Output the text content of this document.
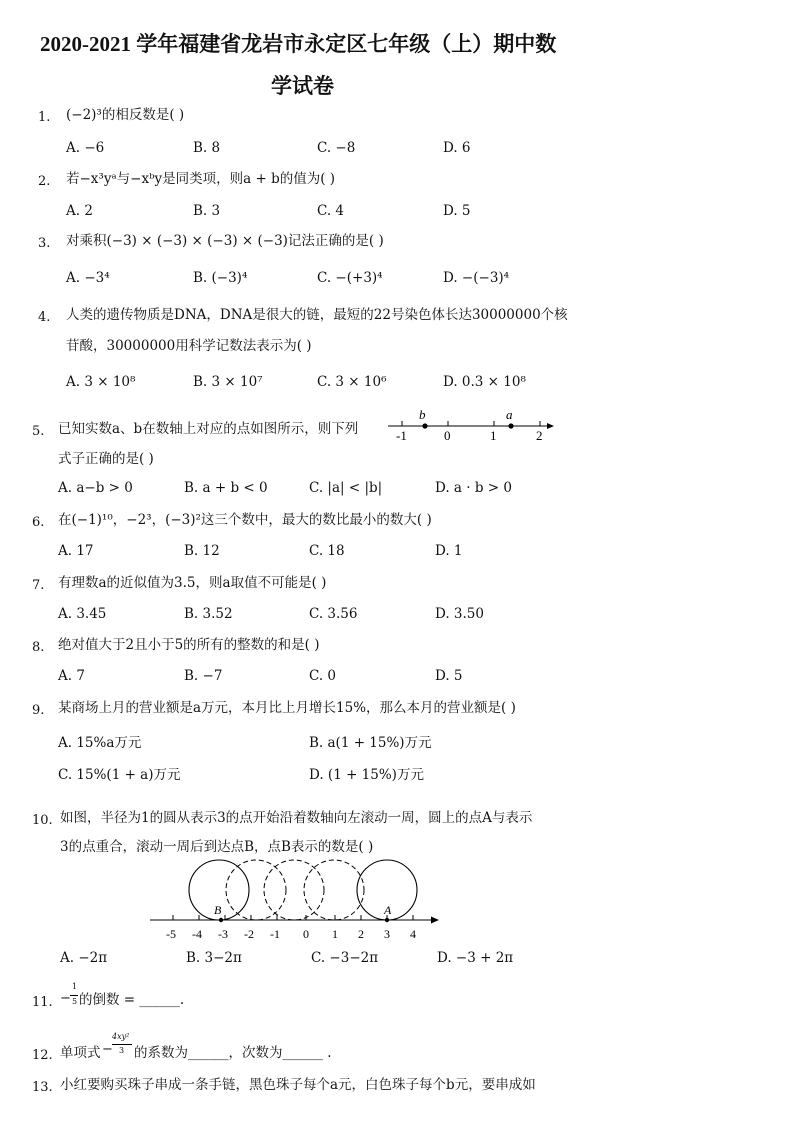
2020-2021 学年福建省龙岩市永定区七年级（上）期中数
学试卷
1. (−2)³的相反数是( )
A. −6	B. 8	C. −8	D. 6
2. 若−x³yᵃ与−xᵇy是同类项，则a + b的值为( )
A. 2	B. 3	C. 4	D. 5
3. 对乘积(−3) × (−3) × (−3) × (−3)记法正确的是( )
A. −3⁴	B. (−3)⁴	C. −(+3)⁴	D. −(−3)⁴
4. 人类的遗传物质是DNA，DNA是很大的链，最短的22号染色体长达30000000个核
苷酸，30000000用科学记数法表示为( )
A. 3 × 10⁸	B. 3 × 10⁷	C. 3 × 10⁶	D. 0.3 × 10⁸
5. 已知实数a、b在数轴上对应的点如图所示，则下列
式子正确的是( )
-1	0	1	2
b	a
A. a−b > 0	B. a + b < 0	C. |a| < |b|	D. a · b > 0
6. 在(−1)¹⁰，−2³，(−3)²这三个数中，最大的数比最小的数大( )
A. 17	B. 12	C. 18	D. 1
7. 有理数a的近似值为3.5，则a取值不可能是( )
A. 3.45	B. 3.52	C. 3.56	D. 3.50
8. 绝对值大于2且小于5的所有的整数的和是( )
A. 7	B. −7	C. 0	D. 5
9. 某商场上月的营业额是a万元，本月比上月增长15%，那么本月的营业额是( )
A. 15%a万元	B. a(1 + 15%)万元
C. 15%(1 + a)万元	D. (1 + 15%)万元
10. 如图，半径为1的圆从表示3的点开始沿着数轴向左滚动一周，圆上的点A与表示
3的点重合，滚动一周后到达点B，点B表示的数是( )
B	A
-5 -4 -3 -2 -1 0 1 2 3 4
A. −2π	B. 3−2π	C. −3−2π	D. −3 + 2π
11. −
1
5 的倒数 = ______.
12. 单项式 −
4xy²
3 的系数为______，次数为______ .
13. 小红要购买珠子串成一条手链，黑色珠子每个a元，白色珠子每个b元，要串成如
